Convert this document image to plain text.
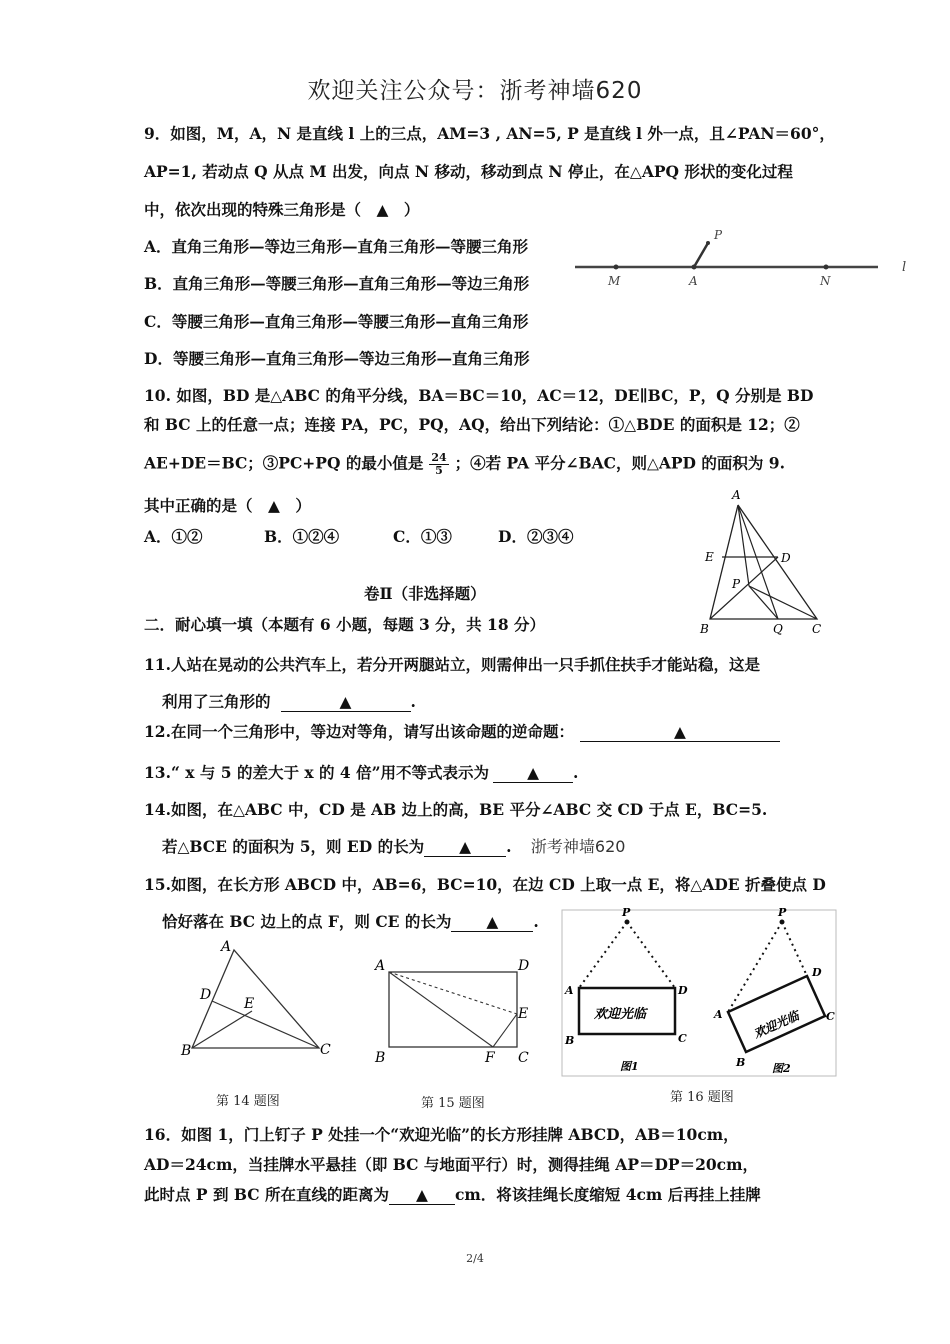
欢迎关注公众号：浙考神墙620
9．如图，M，A，N 是直线 l 上的三点，AM=3 , AN=5, P 是直线 l 外一点，且∠PAN＝60°，
AP=1, 若动点 Q 从点 M 出发，向点 N 移动，移动到点 N 停止，在△APQ 形状的变化过程
中，依次出现的特殊三角形是（　▲　）
A．直角三角形—等边三角形—直角三角形—等腰三角形
B．直角三角形—等腰三角形—直角三角形—等边三角形
C．等腰三角形—直角三角形—等腰三角形—直角三角形
D．等腰三角形—直角三角形—等边三角形—直角三角形
P
M	A	N
l
10. 如图，BD 是△ABC 的角平分线，BA＝BC＝10，AC＝12，DE∥BC，P，Q 分别是 BD
和 BC 上的任意一点；连接 PA，PC，PQ，AQ，给出下列结论：①△BDE 的面积是 12；②
AE+DE＝BC；③PC+PQ 的最小值是 $\frac{24}{5}$ ；④若 PA 平分∠BAC，则△APD 的面积为 9.
其中正确的是（　▲　）
A．①②	B．①②④	C．①③	D．②③④
A
E	D
P
B	Q C
卷Ⅱ（非选择题）
二．耐心填一填（本题有 6 小题，每题 3 分，共 18 分）
11.人站在晃动的公共汽车上，若分开两腿站立，则需伸出一只手抓住扶手才能站稳，这是
利用了三角形的	▲	.
12.在同一个三角形中，等边对等角，请写出该命题的逆命题：	▲
13.“ x 与 5 的差大于 x 的 4 倍”用不等式表示为 ▲ .
14.如图，在△ABC 中，CD 是 AB 边上的高，BE 平分∠ABC 交 CD 于点 E，BC=5.
若△BCE 的面积为 5，则 ED 的长为 ▲ . 浙考神墙620
15.如图，在长方形 ABCD 中，AB=6，BC=10，在边 CD 上取一点 E，将△ADE 折叠使点 D
恰好落在 BC 边上的点 F，则 CE 的长为 ▲ .
A
D
E
B	C
第 14 题图
A	D
E
B	F C
第 15 题图
欢迎光临
P
A	D
B	C
图1
欢迎光临
P
A
D
B
C
图2
第 16 题图
16．如图 1，门上钉子 P 处挂一个“欢迎光临”的长方形挂牌 ABCD，AB＝10cm，
AD＝24cm，当挂牌水平悬挂（即 BC 与地面平行）时，测得挂绳 AP＝DP＝20cm，
此时点 P 到 BC 所在直线的距离为 ▲ cm．将该挂绳长度缩短 4cm 后再挂上挂牌
2/4
